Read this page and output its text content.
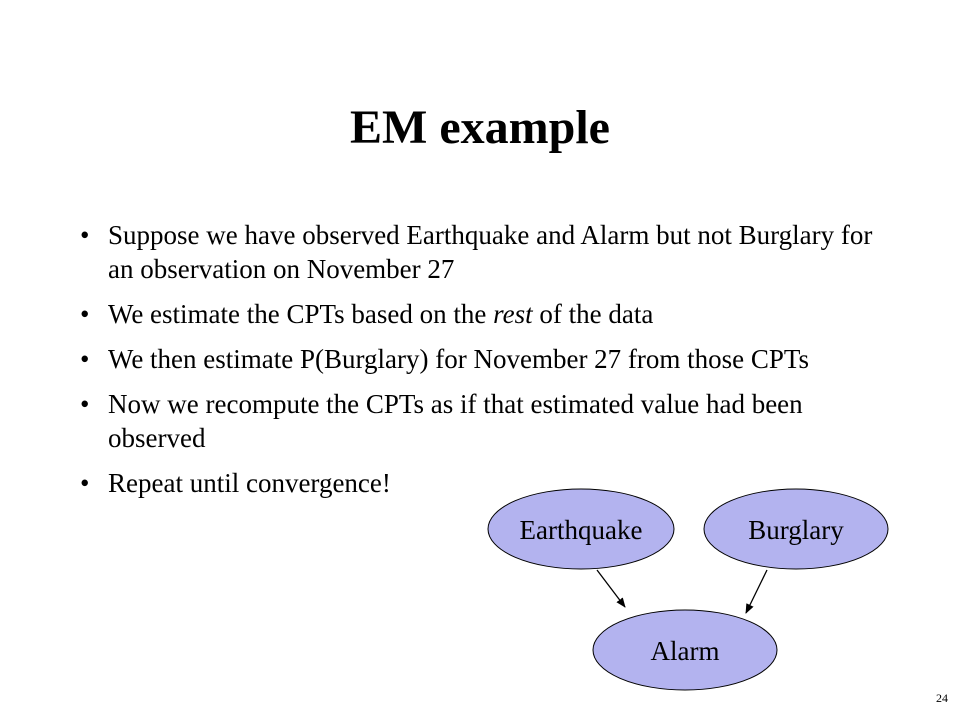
EM example
• Suppose we have observed Earthquake and Alarm but not Burglary for an observation on November 27
• We estimate the CPTs based on the rest of the data
• We then estimate P(Burglary) for November 27 from those CPTs
• Now we recompute the CPTs as if that estimated value had been observed
• Repeat until convergence!
Earthquake	Burglary
Alarm
24
